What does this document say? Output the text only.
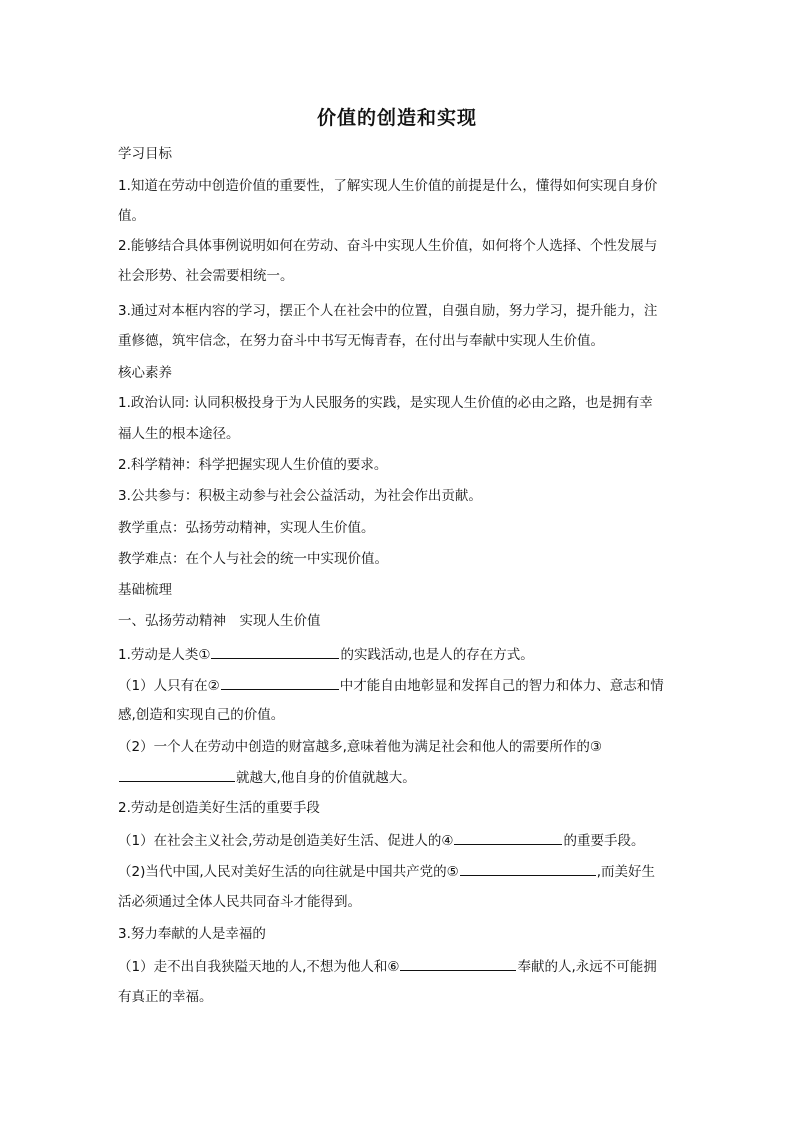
价值的创造和实现
学习目标
1.知道在劳动中创造价值的重要性，了解实现人生价值的前提是什么，懂得如何实现自身价
值。
2.能够结合具体事例说明如何在劳动、奋斗中实现人生价值，如何将个人选择、个性发展与
社会形势、社会需要相统一。
3.通过对本框内容的学习，摆正个人在社会中的位置，自强自励，努力学习，提升能力，注
重修德，筑牢信念，在努力奋斗中书写无悔青春，在付出与奉献中实现人生价值。
核心素养
1.政治认同: 认同积极投身于为人民服务的实践，是实现人生价值的必由之路，也是拥有幸
福人生的根本途径。
2.科学精神：科学把握实现人生价值的要求。
3.公共参与：积极主动参与社会公益活动，为社会作出贡献。
教学重点：弘扬劳动精神，实现人生价值。
教学难点：在个人与社会的统一中实现价值。
基础梳理
一、弘扬劳动精神　实现人生价值
1.劳动是人类①	的实践活动,也是人的存在方式。
（1）人只有在②	中才能自由地彰显和发挥自己的智力和体力、意志和情
感,创造和实现自己的价值。
（2）一个人在劳动中创造的财富越多,意味着他为满足社会和他人的需要所作的③
就越大,他自身的价值就越大。
2.劳动是创造美好生活的重要手段
（1）在社会主义社会,劳动是创造美好生活、促进人的④	的重要手段。
（2)当代中国,人民对美好生活的向往就是中国共产党的⑤	,而美好生
活必须通过全体人民共同奋斗才能得到。
3.努力奉献的人是幸福的
（1）走不出自我狭隘天地的人,不想为他人和⑥	奉献的人,永远不可能拥
有真正的幸福。
